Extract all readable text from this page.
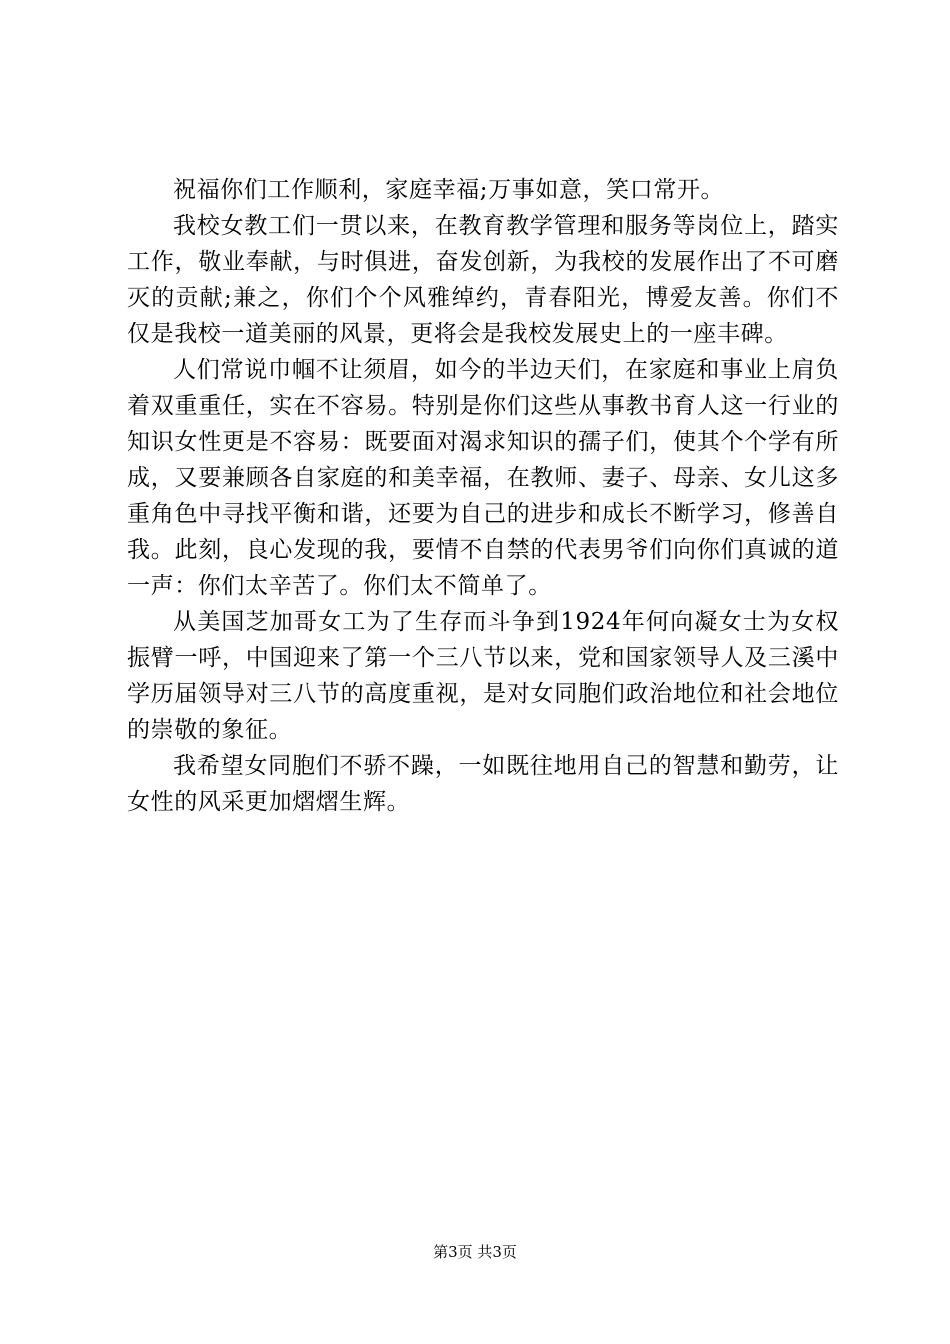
祝福你们工作顺利，家庭幸福;万事如意，笑口常开。

我校女教工们一贯以来，在教育教学管理和服务等岗位上，踏实工作，敬业奉献，与时俱进，奋发创新，为我校的发展作出了不可磨灭的贡献;兼之，你们个个风雅绰约，青春阳光，博爱友善。你们不仅是我校一道美丽的风景，更将会是我校发展史上的一座丰碑。

人们常说巾帼不让须眉，如今的半边天们，在家庭和事业上肩负着双重重任，实在不容易。特别是你们这些从事教书育人这一行业的知识女性更是不容易：既要面对渴求知识的孺子们，使其个个学有所成，又要兼顾各自家庭的和美幸福，在教师、妻子、母亲、女儿这多重角色中寻找平衡和谐，还要为自己的进步和成长不断学习，修善自我。此刻，良心发现的我，要情不自禁的代表男爷们向你们真诚的道一声：你们太辛苦了。你们太不简单了。

从美国芝加哥女工为了生存而斗争到1924年何向凝女士为女权振臂一呼，中国迎来了第一个三八节以来，党和国家领导人及三溪中学历届领导对三八节的高度重视，是对女同胞们政治地位和社会地位的崇敬的象征。

我希望女同胞们不骄不躁，一如既往地用自己的智慧和勤劳，让女性的风采更加熠熠生辉。

第3页 共3页
